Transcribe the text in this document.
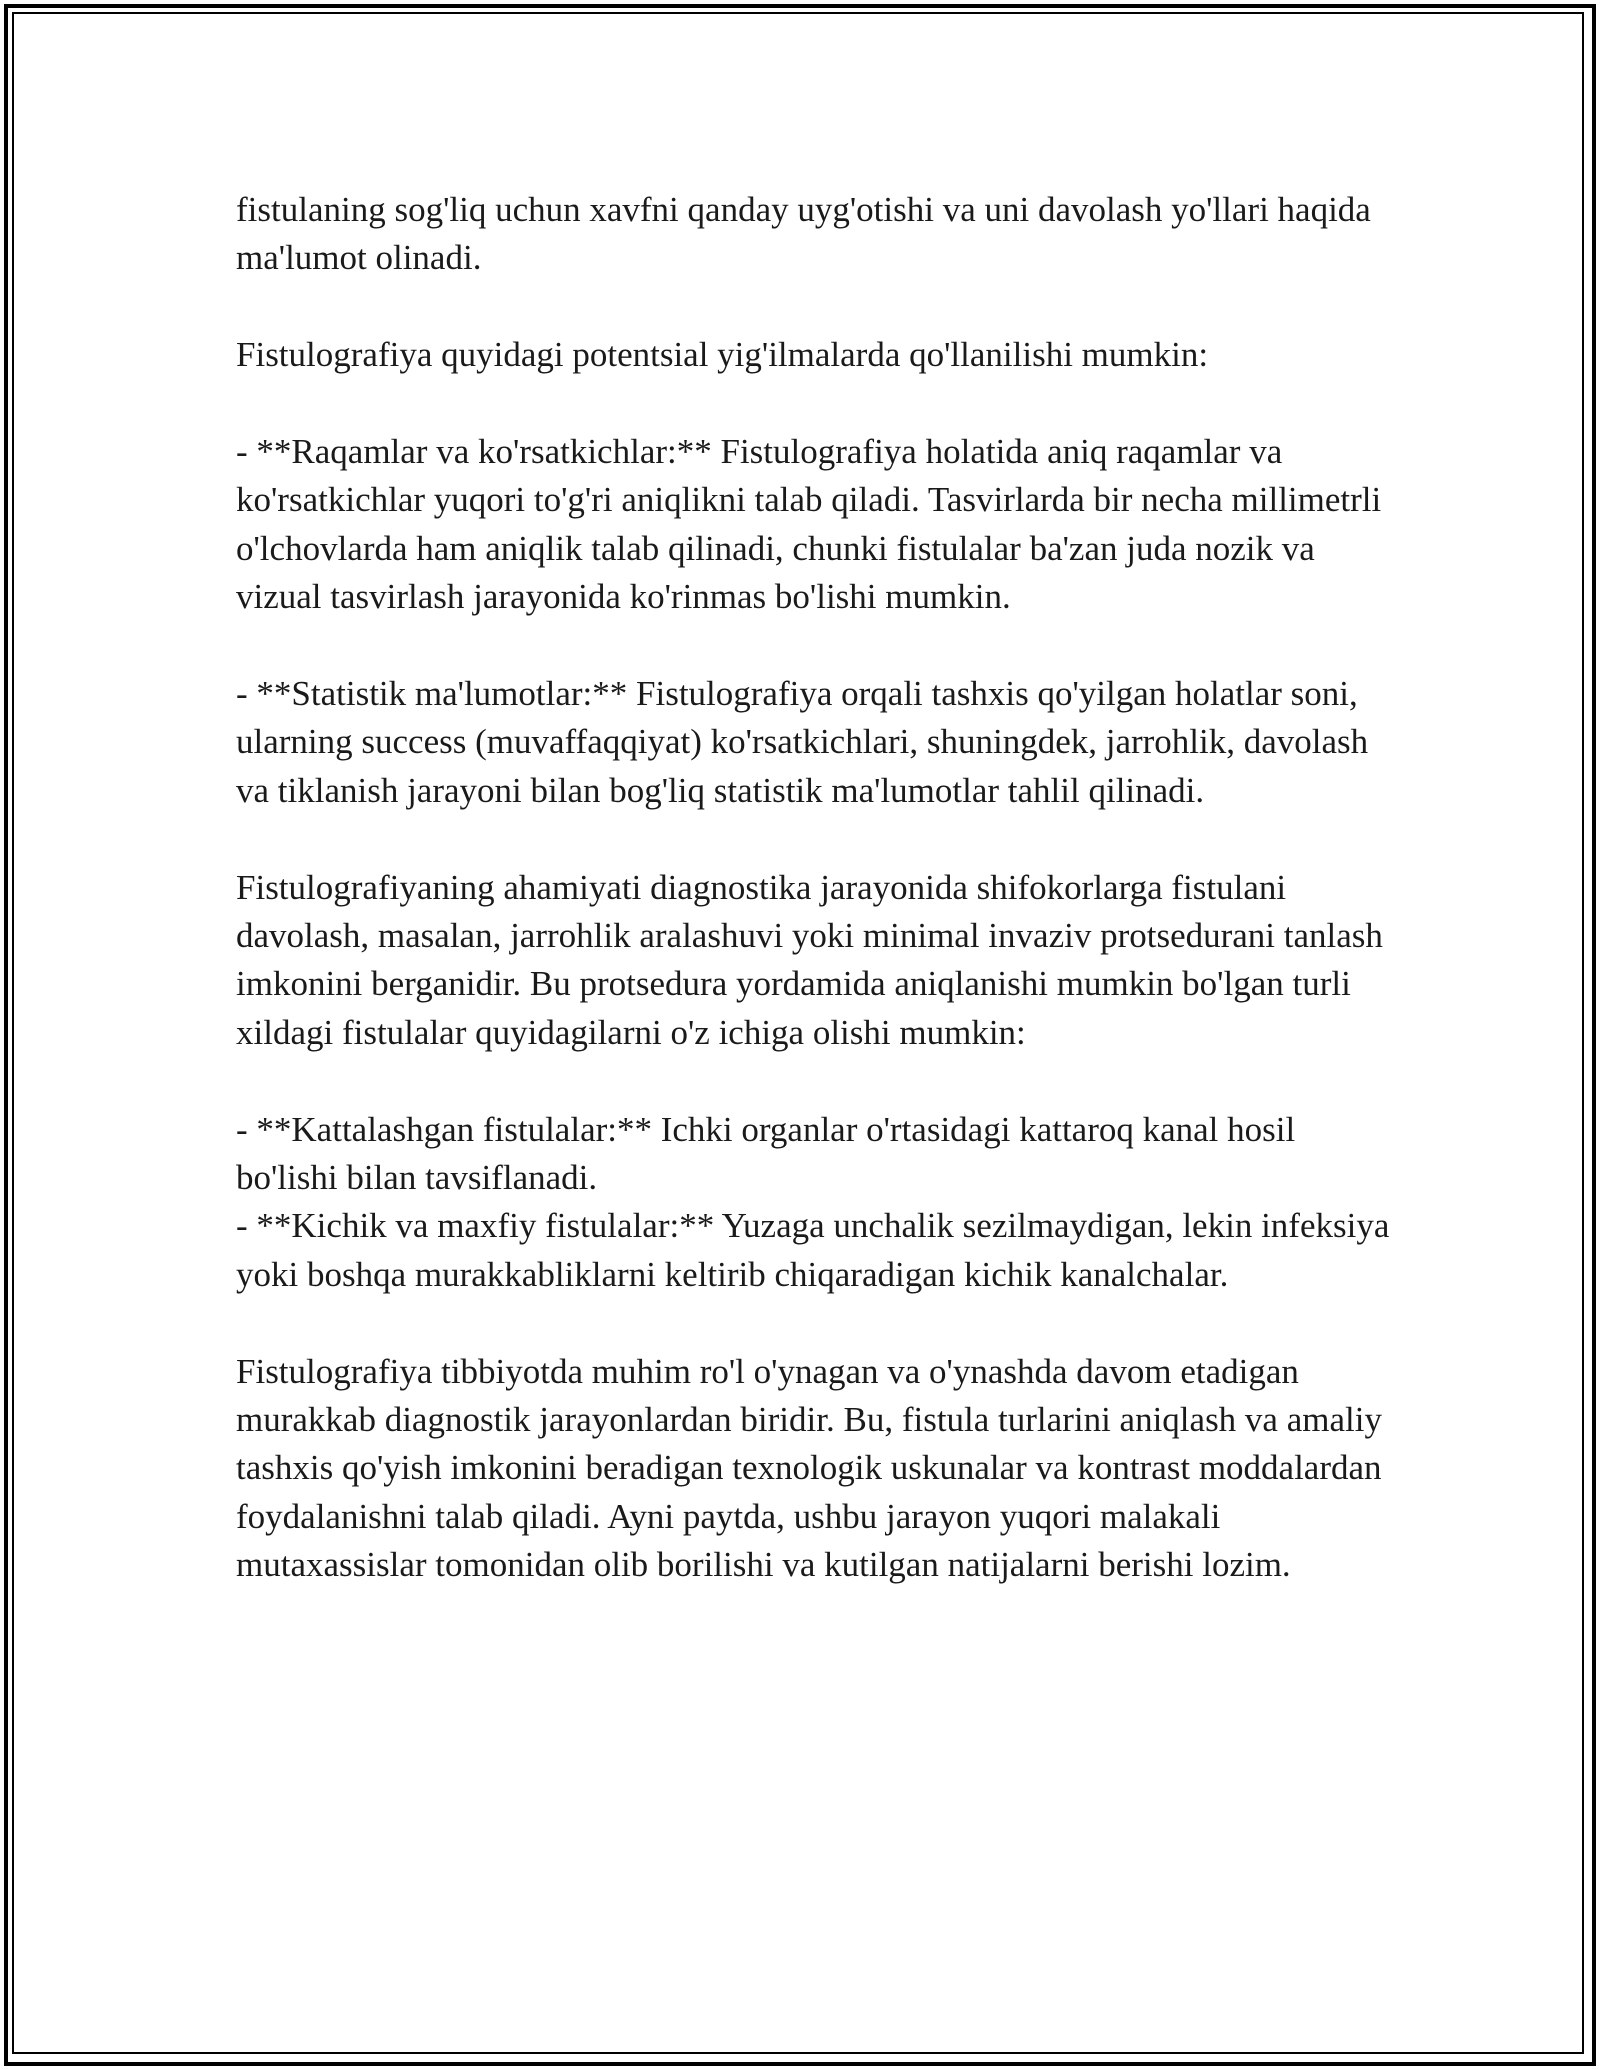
fistulaning sog'liq uchun xavfni qanday uyg'otishi va uni davolash yo'llari haqida ma'lumot olinadi.

Fistulografiya quyidagi potentsial yig'ilmalarda qo'llanilishi mumkin:

- **Raqamlar va ko'rsatkichlar:** Fistulografiya holatida aniq raqamlar va ko'rsatkichlar yuqori to'g'ri aniqlikni talab qiladi. Tasvirlarda bir necha millimetrli o'lchovlarda ham aniqlik talab qilinadi, chunki fistulalar ba'zan juda nozik va vizual tasvirlash jarayonida ko'rinmas bo'lishi mumkin.

- **Statistik ma'lumotlar:** Fistulografiya orqali tashxis qo'yilgan holatlar soni, ularning success (muvaffaqqiyat) ko'rsatkichlari, shuningdek, jarrohlik, davolash va tiklanish jarayoni bilan bog'liq statistik ma'lumotlar tahlil qilinadi.

Fistulografiyaning ahamiyati diagnostika jarayonida shifokorlarga fistulani davolash, masalan, jarrohlik aralashuvi yoki minimal invaziv protsedurani tanlash imkonini berganidir. Bu protsedura yordamida aniqlanishi mumkin bo'lgan turli xildagi fistulalar quyidagilarni o'z ichiga olishi mumkin:

- **Kattalashgan fistulalar:** Ichki organlar o'rtasidagi kattaroq kanal hosil bo'lishi bilan tavsiflanadi.

- **Kichik va maxfiy fistulalar:** Yuzaga unchalik sezilmaydigan, lekin infeksiya yoki boshqa murakkabliklarni keltirib chiqaradigan kichik kanalchalar.

Fistulografiya tibbiyotda muhim ro'l o'ynagan va o'ynashda davom etadigan murakkab diagnostik jarayonlardan biridir. Bu, fistula turlarini aniqlash va amaliy tashxis qo'yish imkonini beradigan texnologik uskunalar va kontrast moddalardan foydalanishni talab qiladi. Ayni paytda, ushbu jarayon yuqori malakali mutaxassislar tomonidan olib borilishi va kutilgan natijalarni berishi lozim.
